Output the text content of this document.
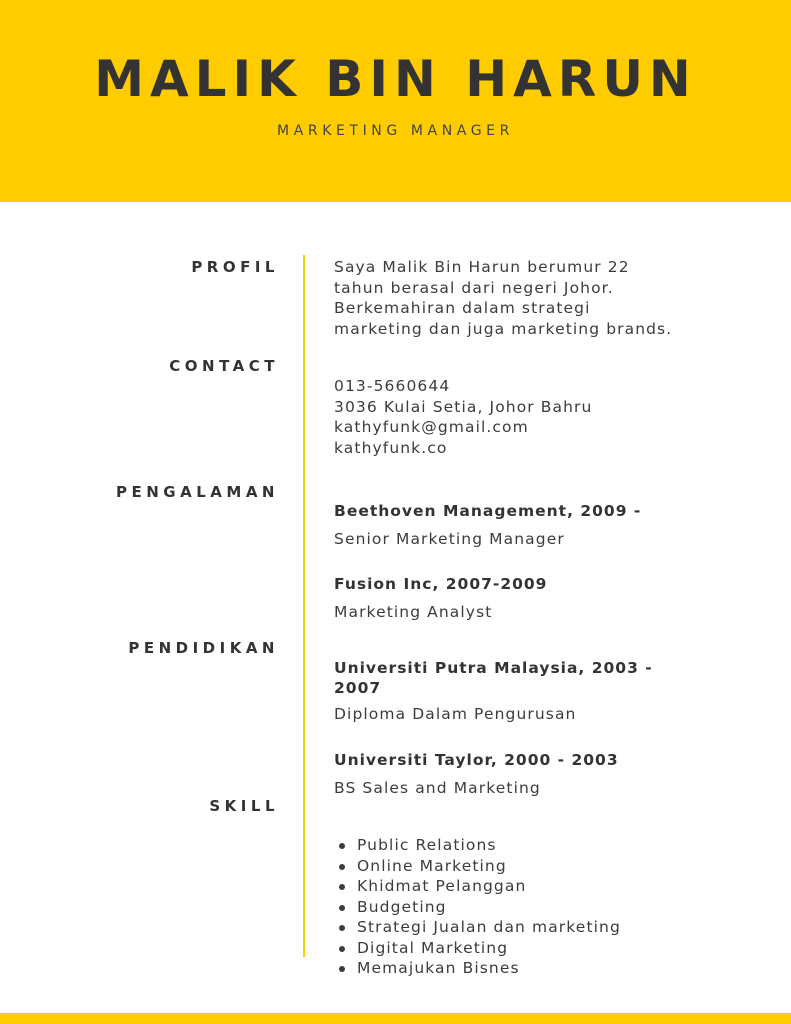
MALIK BIN HARUN

MARKETING MANAGER

PROFIL	Saya Malik Bin Harun berumur 22

tahun berasal dari negeri Johor.

Berkemahiran dalam strategi

marketing dan juga marketing brands.

CONTACT

013-5660644

3036 Kulai Setia, Johor Bahru

kathyfunk@gmail.com

kathyfunk.co

PENGALAMAN

Beethoven Management, 2009 -

Senior Marketing Manager

Fusion Inc, 2007-2009

Marketing Analyst

PENDIDIKAN

Universiti Putra Malaysia, 2003 -

2007

Diploma Dalam Pengurusan

Universiti Taylor, 2000 - 2003

BS Sales and Marketing

SKILL

Public Relations
Online Marketing
Khidmat Pelanggan
Budgeting
Strategi Jualan dan marketing
Digital Marketing
Memajukan Bisnes
